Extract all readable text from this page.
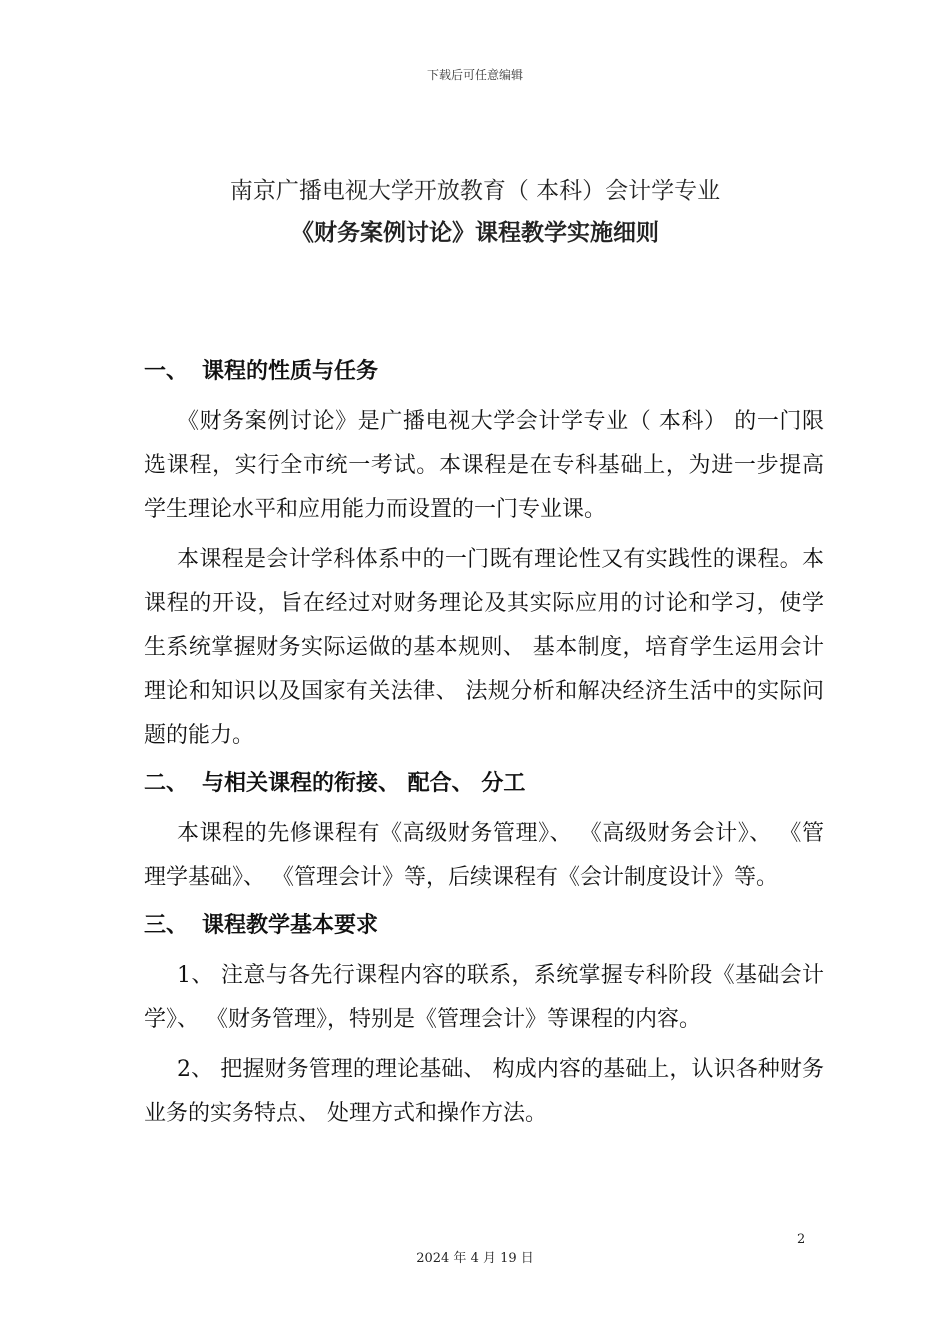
下载后可任意编辑
南京广播电视大学开放教育（ 本科）会计学专业
《财务案例讨论》课程教学实施细则
一、 课程的性质与任务

《财务案例讨论》是广播电视大学会计学专业（ 本科） 的一门限选课程，实行全市统一考试。本课程是在专科基础上，为进一步提高学生理论水平和应用能力而设置的一门专业课。

本课程是会计学科体系中的一门既有理论性又有实践性的课程。本课程的开设，旨在经过对财务理论及其实际应用的讨论和学习，使学生系统掌握财务实际运做的基本规则、 基本制度，培育学生运用会计理论和知识以及国家有关法律、 法规分析和解决经济生活中的实际问题的能力。

二、 与相关课程的衔接、 配合、 分工

本课程的先修课程有《高级财务管理》、 《高级财务会计》、 《管理学基础》、 《管理会计》等，后续课程有《会计制度设计》等。

三、 课程教学基本要求

1、 注意与各先行课程内容的联系，系统掌握专科阶段《基础会计学》、 《财务管理》，特别是《管理会计》等课程的内容。

2、 把握财务管理的理论基础、 构成内容的基础上，认识各种财务业务的实务特点、 处理方式和操作方法。

2
2024 年 4 月 19 日
